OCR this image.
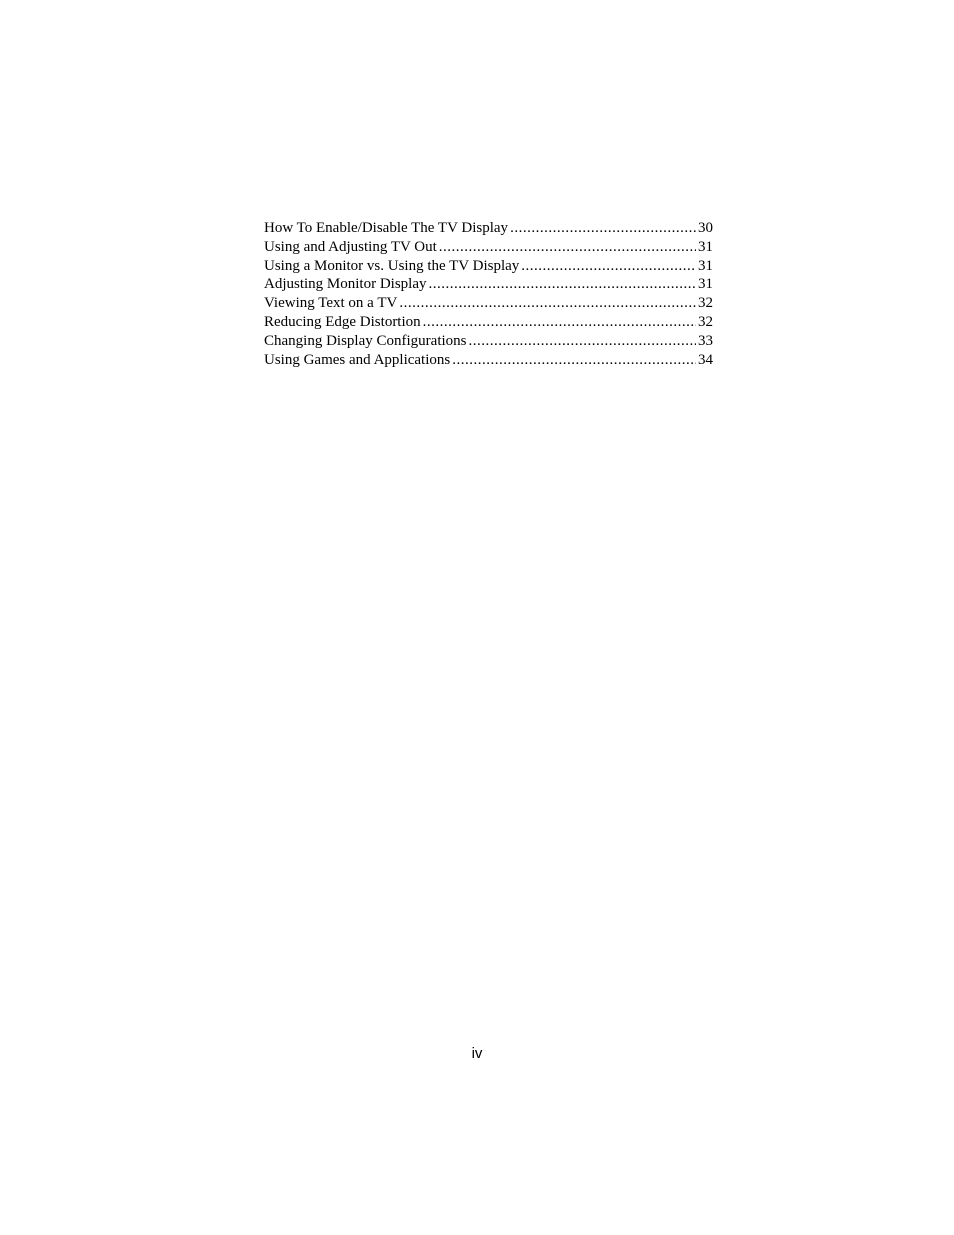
How To Enable/Disable The TV Display .....	30
Using and Adjusting TV Out .....	31
Using a Monitor vs. Using the TV Display .....	31
Adjusting Monitor Display .....	31
Viewing Text on a TV .....	32
Reducing Edge Distortion .....	32
Changing Display Configurations .....	33
Using Games and Applications .....	34
iv
